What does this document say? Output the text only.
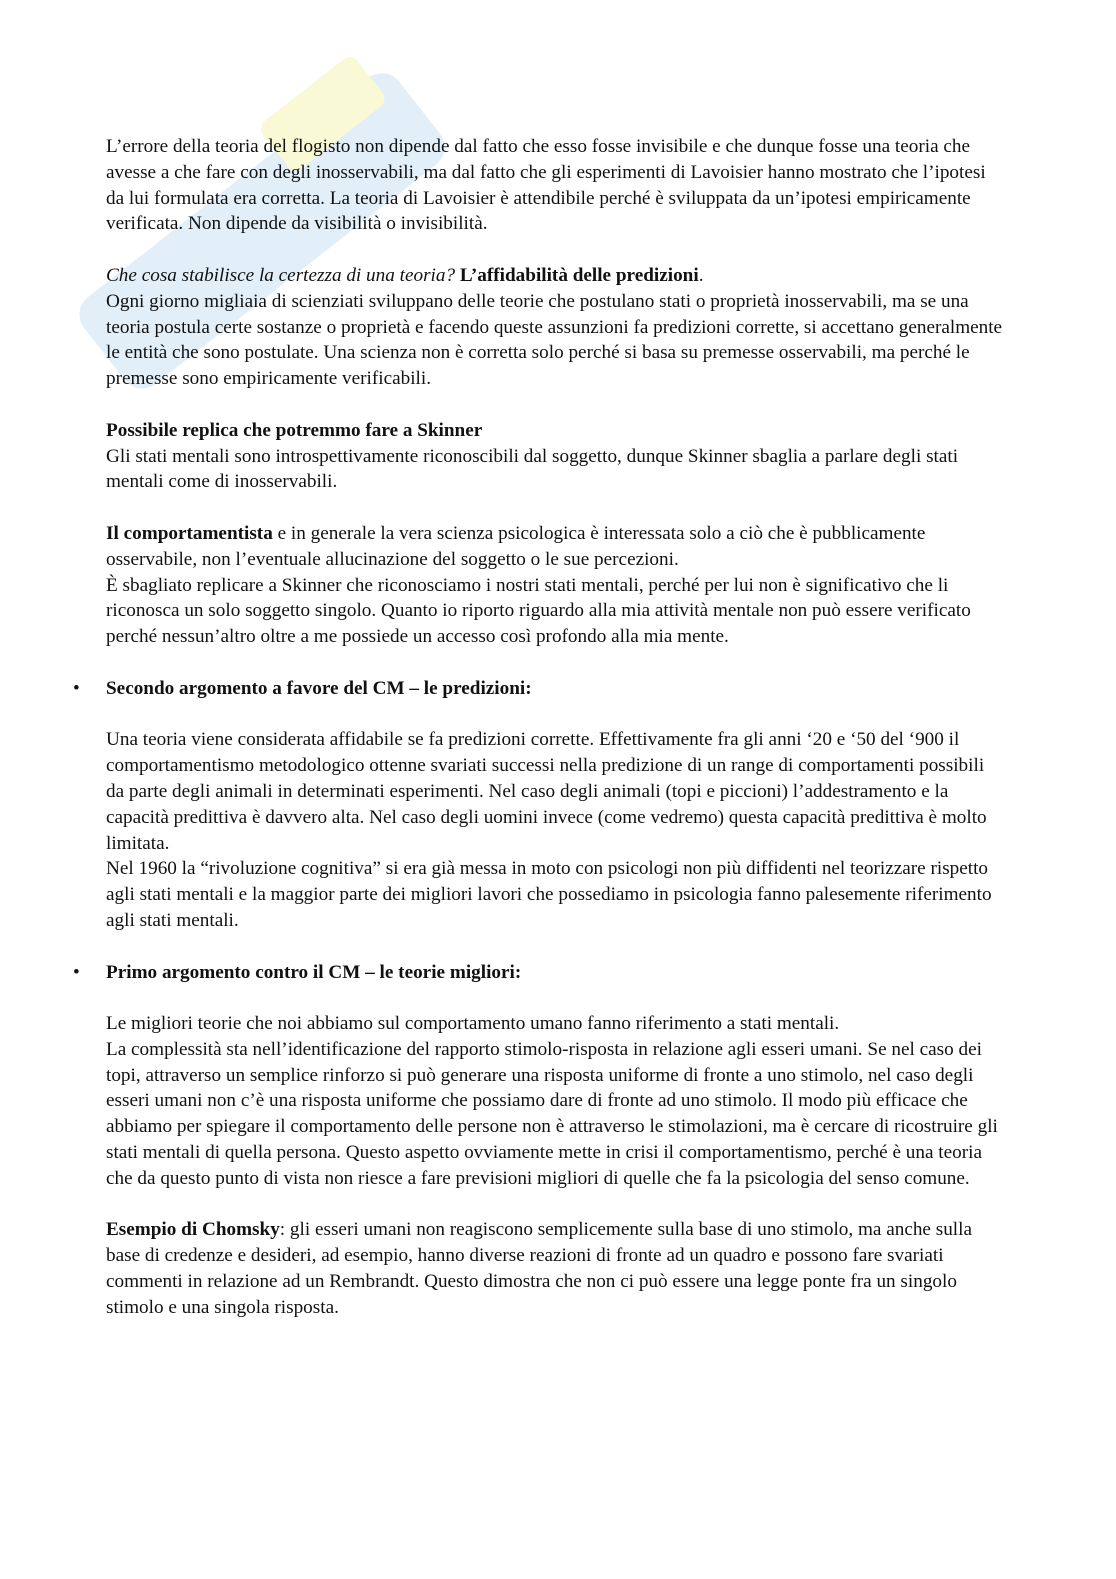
L’errore della teoria del flogisto non dipende dal fatto che esso fosse invisibile e che dunque fosse una teoria che avesse a che fare con degli inosservabili, ma dal fatto che gli esperimenti di Lavoisier hanno mostrato che l’ipotesi da lui formulata era corretta. La teoria di Lavoisier è attendibile perché è sviluppata da un’ipotesi empiricamente verificata. Non dipende da visibilità o invisibilità.

Che cosa stabilisce la certezza di una teoria? L’affidabilità delle predizioni.

Ogni giorno migliaia di scienziati sviluppano delle teorie che postulano stati o proprietà inosservabili, ma se una teoria postula certe sostanze o proprietà e facendo queste assunzioni fa predizioni corrette, si accettano generalmente le entità che sono postulate. Una scienza non è corretta solo perché si basa su premesse osservabili, ma perché le premesse sono empiricamente verificabili.

Possibile replica che potremmo fare a Skinner

Gli stati mentali sono introspettivamente riconoscibili dal soggetto, dunque Skinner sbaglia a parlare degli stati mentali come di inosservabili.

Il comportamentista e in generale la vera scienza psicologica è interessata solo a ciò che è pubblicamente osservabile, non l’eventuale allucinazione del soggetto o le sue percezioni.

È sbagliato replicare a Skinner che riconosciamo i nostri stati mentali, perché per lui non è significativo che li riconosca un solo soggetto singolo. Quanto io riporto riguardo alla mia attività mentale non può essere verificato perché nessun’altro oltre a me possiede un accesso così profondo alla mia mente.

• Secondo argomento a favore del CM – le predizioni:

Una teoria viene considerata affidabile se fa predizioni corrette. Effettivamente fra gli anni ‘20 e ‘50 del ‘900 il comportamentismo metodologico ottenne svariati successi nella predizione di un range di comportamenti possibili da parte degli animali in determinati esperimenti. Nel caso degli animali (topi e piccioni) l’addestramento e la capacità predittiva è davvero alta. Nel caso degli uomini invece (come vedremo) questa capacità predittiva è molto limitata.

Nel 1960 la “rivoluzione cognitiva” si era già messa in moto con psicologi non più diffidenti nel teorizzare rispetto agli stati mentali e la maggior parte dei migliori lavori che possediamo in psicologia fanno palesemente riferimento agli stati mentali.

• Primo argomento contro il CM – le teorie migliori:

Le migliori teorie che noi abbiamo sul comportamento umano fanno riferimento a stati mentali.

La complessità sta nell’identificazione del rapporto stimolo-risposta in relazione agli esseri umani. Se nel caso dei topi, attraverso un semplice rinforzo si può generare una risposta uniforme di fronte a uno stimolo, nel caso degli esseri umani non c’è una risposta uniforme che possiamo dare di fronte ad uno stimolo. Il modo più efficace che abbiamo per spiegare il comportamento delle persone non è attraverso le stimolazioni, ma è cercare di ricostruire gli stati mentali di quella persona. Questo aspetto ovviamente mette in crisi il comportamentismo, perché è una teoria che da questo punto di vista non riesce a fare previsioni migliori di quelle che fa la psicologia del senso comune.

Esempio di Chomsky: gli esseri umani non reagiscono semplicemente sulla base di uno stimolo, ma anche sulla base di credenze e desideri, ad esempio, hanno diverse reazioni di fronte ad un quadro e possono fare svariati commenti in relazione ad un Rembrandt. Questo dimostra che non ci può essere una legge ponte fra un singolo stimolo e una singola risposta.
